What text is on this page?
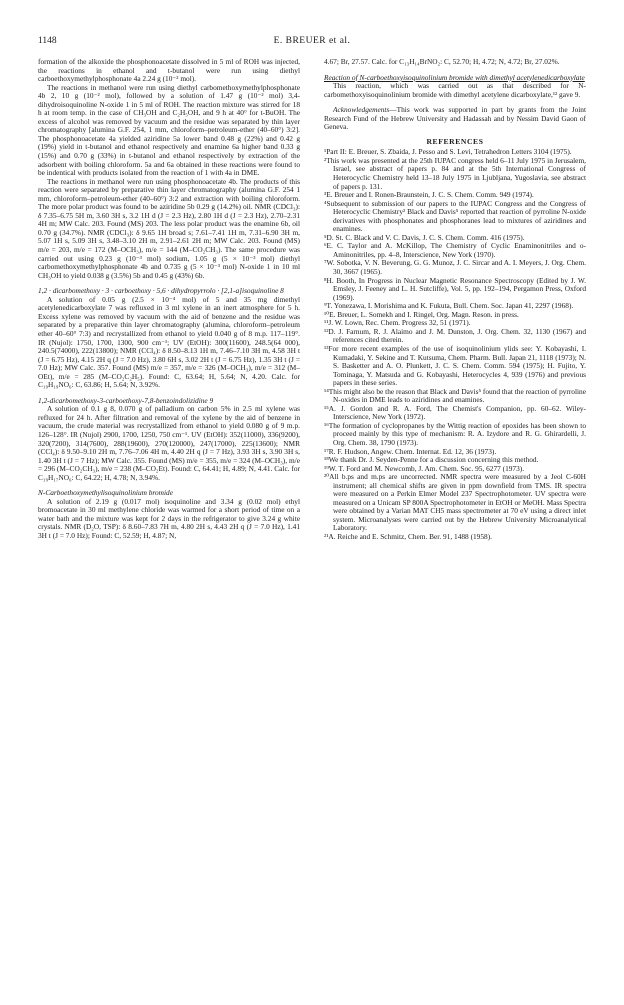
1148	E. BREUER et al.

formation of the alkoxide the phosphonoacetate dissolved in 5 ml of ROH was injected, the reactions in ethanol and t-butanol were run using diethyl carboethoxymethylphosphonate 4a 2.24 g (10⁻² mol).

The reactions in methanol were run using diethyl carbomethoxymethylphosphonate 4b 2, 10 g (10⁻² mol), followed by a solution of 1.47 g (10⁻² mol) 3,4-dihydroisoquinoline N-oxide 1 in 5 ml of ROH. The reaction mixture was stirred for 18 h at room temp. in the case of CH₃OH and C₂H₅OH, and 9 h at 40° for t-BuOH. The excess of alcohol was removed by vacuum and the residue was separated by thin layer chromatography [alumina G.F. 254, 1 mm, chloroform–petroleum-ether (40–60°) 3:2]. The phosphonoacetate 4a yielded aziridine 5a lower band 0.48 g (22%) and 0.42 g (19%) yield in t-butanol and ethanol respectively and enamine 6a higher band 0.33 g (15%) and 0.70 g (33%) in t-butanol and ethanol respectively by extraction of the adsorbent with boiling chloroform. 5a and 6a obtained in these reactions were found to be indentical with products isolated from the reaction of 1 with 4a in DME.

The reactions in methanol were run using phosphonoacetate 4b. The products of this reaction were separated by preparative thin layer chromatography (alumina G.F. 254 1 mm, chloroform–petroleum-ether (40–60°) 3:2 and extraction with boiling chloroform. The more polar product was found to be aziridine 5b 0.29 g (14.2%) oil. NMR (CDCl₃): δ 7.35–6.75 5H m, 3.60 3H s, 3.2 1H d (J = 2.3 Hz), 2.80 1H d (J = 2.3 Hz), 2.70–2.31 4H m; MW Calc. 203. Found (MS) 203. The less polar product was the enamine 6b, oil 0.70 g (34.7%). NMR (CDCl₃): δ 9.65 1H broad s; 7.61–7.41 1H m, 7.31–6.90 3H m, 5.07 1H s, 5.09 3H s, 3.48–3.10 2H m, 2.91–2.61 2H m; MW Calc. 203. Found (MS) m/e = 203, m/e = 172 (M–OCH₃), m/e = 144 (M–CO₂CH₃). The same procedure was carried out using 0.23 g (10⁻³ mol) sodium, 1.05 g (5 × 10⁻³ mol) diethyl carbomethoxymethylphosphonate 4b and 0.735 g (5 × 10⁻³ mol) N-oxide 1 in 10 ml CH₃OH to yield 0.038 g (3.5%) 5b and 0.45 g (43%) 6b.

1,2 · dicarbomethoxy · 3 · carboethoxy · 5,6 · dihydropyrrolo · [2,1-a]isoquinoline 8

A solution of 0.05 g (2.5 × 10⁻⁴ mol) of 5 and 35 mg dimethyl acetylenedicarboxylate 7 was refluxed in 3 ml xylene in an inert atmosphere for 5 h. Excess xylene was removed by vacuum with the aid of benzene and the residue was separated by a preparative thin layer chromatography (alumina, chloroform–petroleum ether 40–60° 7:3) and recrystallized from ethanol to yield 0.040 g of 8 m.p. 117–119°. IR (Nujol): 1750, 1700, 1300, 900 cm⁻¹; UV (EtOH): 300(11600), 248.5(64 000), 240.5(74000), 222(13800); NMR (CCl₄): δ 8.50–8.13 1H m, 7.46–7.10 3H m, 4.58 3H t (J = 6.75 Hz), 4.15 2H q (J = 7.0 Hz), 3.80 6H s, 3.02 2H t (J = 6.75 Hz), 1.35 3H t (J = 7.0 Hz); MW Calc. 357. Found (MS) m/e = 357, m/e = 326 (M–OCH₃), m/e = 312 (M–OEt), m/e = 285 (M–CO₂C₂H₅). Found: C, 63.64; H, 5.64; N, 4.20. Calc. for C₁₉H₁₉NO₆: C, 63.86; H, 5.64; N, 3.92%.

1,2-dicarbomethoxy-3-carboethoxy-7,8-benzoindolizidine 9

A solution of 0.1 g 8, 0.070 g of palladium on carbon 5% in 2.5 ml xylene was refluxed for 24 h. After filtration and removal of the xylene by the aid of benzene in vacuum, the crude material was recrystallized from ethanol to yield 0.080 g of 9 m.p. 126–128°. IR (Nujol) 2900, 1700, 1250, 750 cm⁻¹. UV (EtOH): 352(11000), 336(9200), 320(7200), 314(7600), 288(19600), 270(120000), 247(17000), 225(13600); NMR (CCl₄): δ 9.50–9.10 2H m, 7.76–7.06 4H m, 4.40 2H q (J = 7 Hz), 3.93 3H s, 3.90 3H s, 1.40 3H t (J = 7 Hz); MW Calc. 355. Found (MS) m/e = 355, m/e = 324 (M–OCH₃), m/e = 296 (M–CO₂CH₃), m/e = 238 (M–CO₂Et). Found: C, 64.41; H, 4.89; N, 4.41. Calc. for C₁₉H₁₇NO₆: C, 64.22; H, 4.78; N, 3.94%.

N-Carboethoxymethylisoquinolinium bromide

A solution of 2.19 g (0.017 mol) isoquinoline and 3.34 g (0.02 mol) ethyl bromoacetate in 30 ml methylene chloride was warmed for a short period of time on a water bath and the mixture was kept for 2 days in the refrigerator to give 3.24 g white crystals. NMR (D₂O, TSP): δ 8.60–7.83 7H m, 4.80 2H s, 4.43 2H q (J = 7.0 Hz), 1.41 3H t (J = 7.0 Hz); Found: C, 52.59; H, 4.87; N,

4.67; Br, 27.57. Calc. for C₁₃H₁₄BrNO₂: C, 52.70; H, 4.72; N, 4.72; Br, 27.02%.

Reaction of N-carboethoxyisoquinolinium bromide with dimethyl acetylenedicarboxylate

This reaction, which was carried out as that described for N-carbomethoxyisoquinolinium bromide with dimethyl acetylene dicarboxylate,¹² gave 9.

Acknowledgements—This work was supported in part by grants from the Joint Research Fund of the Hebrew University and Hadassah and by Nessim David Gaon of Geneva.

REFERENCES

¹Part II: E. Breuer, S. Zbaida, J. Pesso and S. Levi, Tetrahedron Letters 3104 (1975).

²This work was presented at the 25th IUPAC congress held 6–11 July 1975 in Jerusalem, Israel, see abstract of papers p. 84 and at the 5th International Congress of Heterocyclic Chemistry held 13–18 July 1975 in Ljubljana, Yugoslavia, see abstract of papers p. 131.

³E. Breuer and I. Ronen-Braunstein, J. C. S. Chem. Comm. 949 (1974).

⁴Subsequent to submission of our papers to the IUPAC Congress and the Congress of Heterocyclic Chemistry² Black and Davis⁵ reported that reaction of pyrroline N-oxide derivatives with phosphonates and phosphoranes lead to mixtures of aziridines and enamines.

⁵D. St. C. Black and V. C. Davis, J. C. S. Chem. Comm. 416 (1975).

⁶E. C. Taylor and A. McKillop, The Chemistry of Cyclic Enaminonitriles and o-Aminonitriles, pp. 4–8, Interscience, New York (1970).

⁷W. Sobotka, V. N. Beverung, G. G. Munoz, J. C. Sircar and A. I. Meyers, J. Org. Chem. 30, 3667 (1965).

⁸H. Booth, In Progress in Nuclear Magnetic Resonance Spectroscopy (Edited by J. W. Emsley, J. Feeney and L. H. Sutcliffe), Vol. 5, pp. 192–194, Pergamon Press, Oxford (1969).

⁹T. Yonezawa, I. Morishima and K. Fukuta, Bull. Chem. Soc. Japan 41, 2297 (1968).

¹⁰E. Breuer, L. Somekh and I. Ringel, Org. Magn. Reson. in press.

¹¹J. W. Lown, Rec. Chem. Progress 32, 51 (1971).

¹²D. J. Farnum, R. J. Alaimo and J. M. Dunston, J. Org. Chem. 32, 1130 (1967) and references cited therein.

¹³For more recent examples of the use of isoquinolinium ylids see: Y. Kobayashi, I. Kumadaki, Y. Sekine and T. Kutsuma, Chem. Pharm. Bull. Japan 21, 1118 (1973); N. S. Basketter and A. O. Plunkett, J. C. S. Chem. Comm. 594 (1975); H. Fujito, Y. Tominaga, Y. Matsuda and G. Kobayashi, Heterocycles 4, 939 (1976) and previous papers in these series.

¹⁴This might also be the reason that Black and Davis⁵ found that the reaction of pyrroline N-oxides in DME leads to aziridines and enamines.

¹⁵A. J. Gordon and R. A. Ford, The Chemist's Companion, pp. 60–62. Wiley-Interscience, New York (1972).

¹⁶The formation of cyclopropanes by the Wittig reaction of epoxides has been shown to proceed mainly by this type of mechanism: R. A. Izydore and R. G. Ghirardelli, J. Org. Chem. 38, 1790 (1973).

¹⁷R. F. Hudson, Angew. Chem. Internat. Ed. 12, 36 (1973).

¹⁸We thank Dr. J. Seyden-Penne for a discussion concerning this method.

¹⁹W. T. Ford and M. Newcomb, J. Am. Chem. Soc. 95, 6277 (1973).

²⁰All b.ps and m.ps are uncorrected. NMR spectra were measured by a Jeol C-60H instrument; all chemical shifts are given in ppm downfield from TMS. IR spectra were measured on a Perkin Elmer Model 237 Spectrophotometer. UV spectra were measured on a Unicam SP 800A Spectrophotometer in EtOH or MeOH. Mass Spectra were obtained by a Varian MAT CH5 mass spectrometer at 70 eV using a direct inlet system. Microanalyses were carried out by the Hebrew University Microanalytical Laboratory.

²¹A. Reiche and E. Schmitz, Chem. Ber. 91, 1488 (1958).
